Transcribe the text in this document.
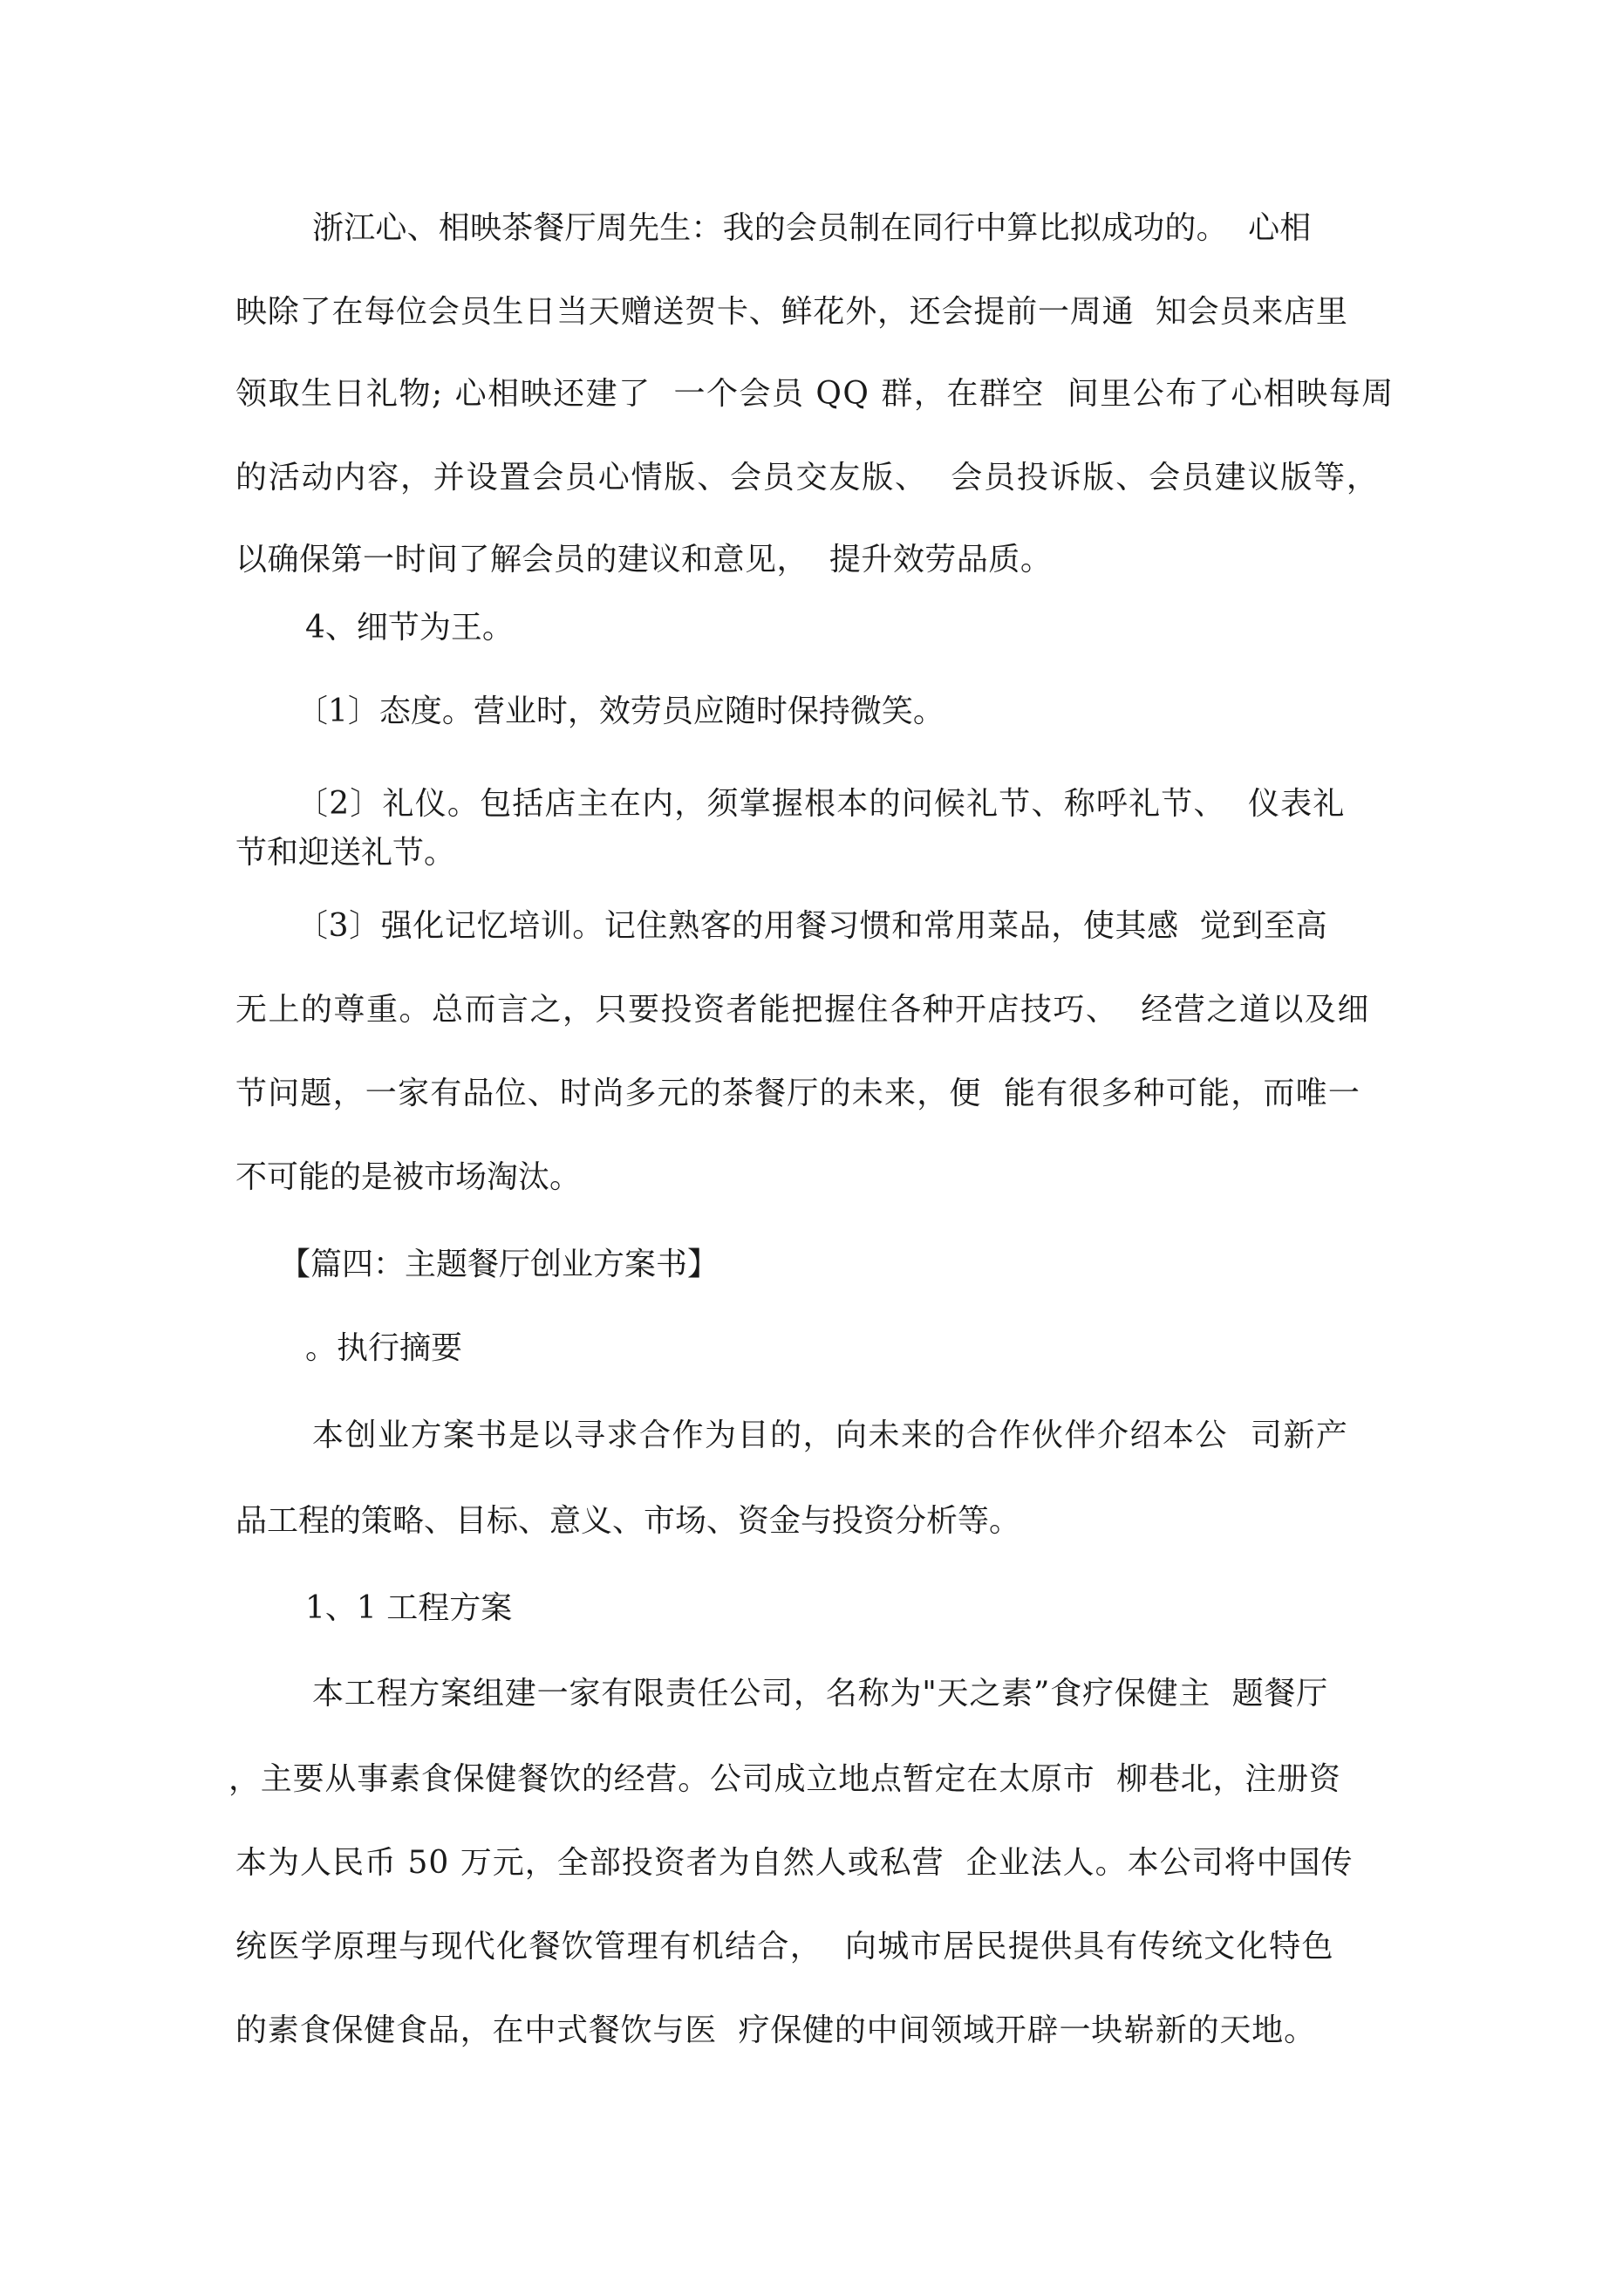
浙江心、相映茶餐厅周先生：我的会员制在同行中算比拟成功的。  心相

映除了在每位会员生日当天赠送贺卡、鲜花外，还会提前一周通  知会员来店里

领取生日礼物; 心相映还建了  一个会员 QQ 群，在群空  间里公布了心相映每周

的活动内容，并设置会员心情版、会员交友版、  会员投诉版、会员建议版等，

以确保第一时间了解会员的建议和意见，  提升效劳品质。

4、细节为王。

〔1〕态度。营业时，效劳员应随时保持微笑。

〔2〕礼仪。包括店主在内，须掌握根本的问候礼节、称呼礼节、  仪表礼

节和迎送礼节。

〔3〕强化记忆培训。记住熟客的用餐习惯和常用菜品，使其感  觉到至高

无上的尊重。总而言之，只要投资者能把握住各种开店技巧、  经营之道以及细

节问题，一家有品位、时尚多元的茶餐厅的未来，便  能有很多种可能，而唯一

不可能的是被市场淘汰。

【篇四：主题餐厅创业方案书】

。执行摘要

本创业方案书是以寻求合作为目的，向未来的合作伙伴介绍本公  司新产

品工程的策略、目标、意义、市场、资金与投资分析等。

1、1 工程方案

本工程方案组建一家有限责任公司，名称为"天之素”食疗保健主  题餐厅

，主要从事素食保健餐饮的经营。公司成立地点暂定在太原市  柳巷北，注册资

本为人民币 50 万元，全部投资者为自然人或私营  企业法人。本公司将中国传

统医学原理与现代化餐饮管理有机结合，  向城市居民提供具有传统文化特色

的素食保健食品，在中式餐饮与医  疗保健的中间领域开辟一块崭新的天地。
